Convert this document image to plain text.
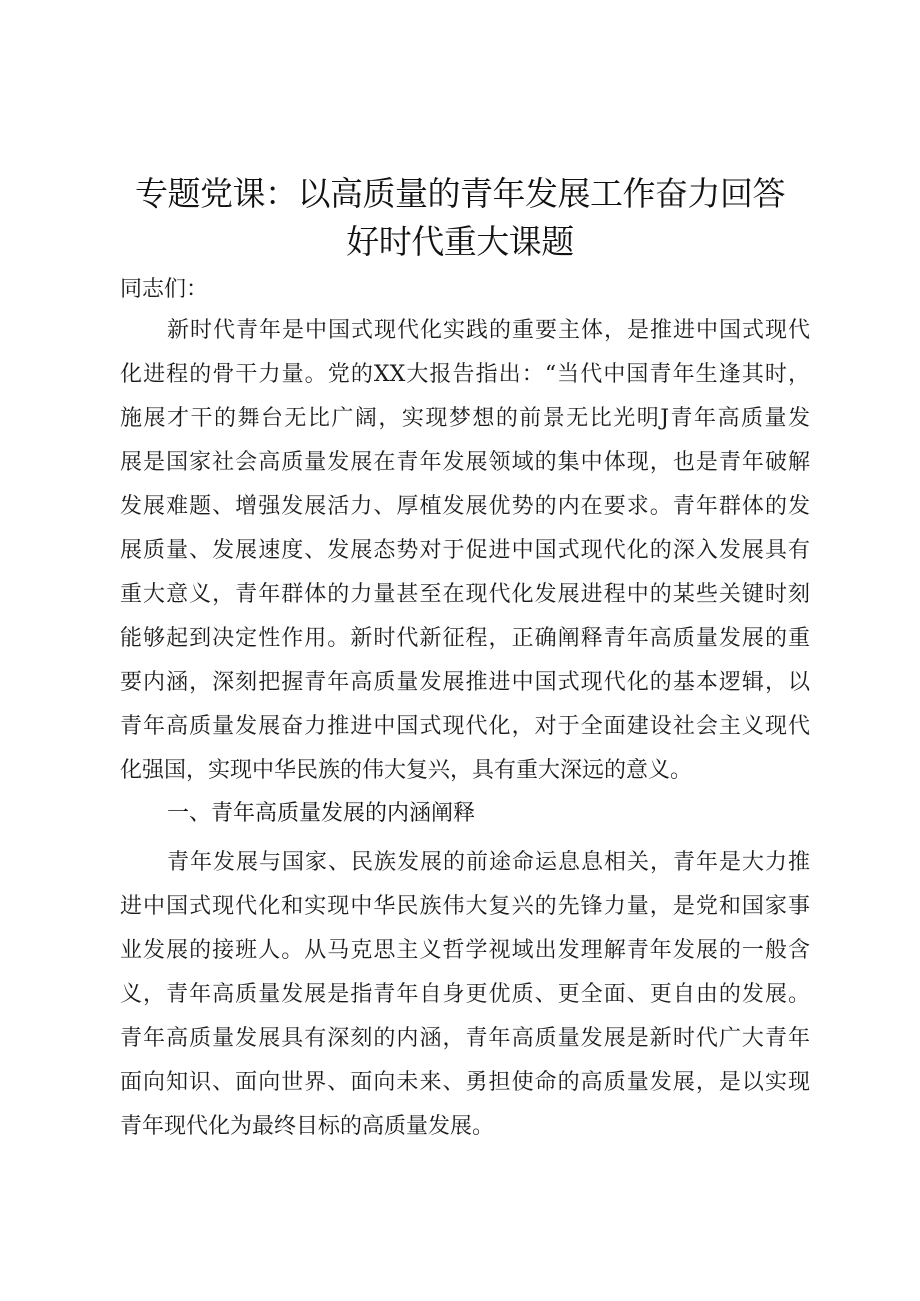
专题党课：以高质量的青年发展工作奋力回答
好时代重大课题
同志们：
新时代青年是中国式现代化实践的重要主体，是推进中国式现代
化进程的骨干力量。党的XX大报告指出：“当代中国青年生逢其时，
施展才干的舞台无比广阔，实现梦想的前景无比光明J青年高质量发
展是国家社会高质量发展在青年发展领域的集中体现，也是青年破解
发展难题、增强发展活力、厚植发展优势的内在要求。青年群体的发
展质量、发展速度、发展态势对于促进中国式现代化的深入发展具有
重大意义，青年群体的力量甚至在现代化发展进程中的某些关键时刻
能够起到决定性作用。新时代新征程，正确阐释青年高质量发展的重
要内涵，深刻把握青年高质量发展推进中国式现代化的基本逻辑，以
青年高质量发展奋力推进中国式现代化，对于全面建设社会主义现代
化强国，实现中华民族的伟大复兴，具有重大深远的意义。
一、青年高质量发展的内涵阐释
青年发展与国家、民族发展的前途命运息息相关，青年是大力推
进中国式现代化和实现中华民族伟大复兴的先锋力量，是党和国家事
业发展的接班人。从马克思主义哲学视域出发理解青年发展的一般含
义，青年高质量发展是指青年自身更优质、更全面、更自由的发展。
青年高质量发展具有深刻的内涵，青年高质量发展是新时代广大青年
面向知识、面向世界、面向未来、勇担使命的高质量发展，是以实现
青年现代化为最终目标的高质量发展。
